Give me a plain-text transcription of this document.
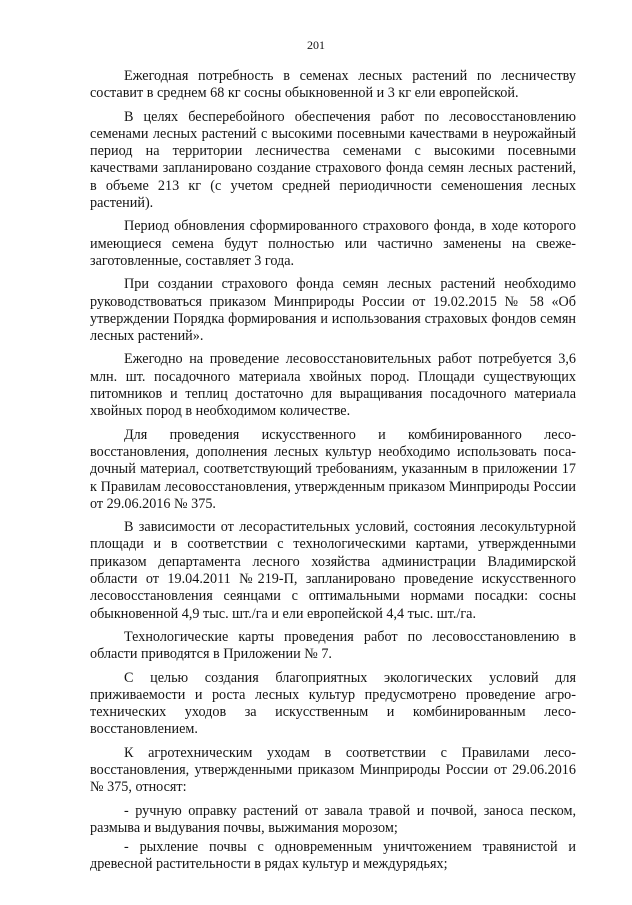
201

Ежегодная потребность в семенах лесных растений по лесничеству составит в среднем 68 кг сосны обыкновенной и 3 кг ели европейской.

В целях бесперебойного обеспечения работ по лесовосстановлению семенами лесных растений с высокими посевными качествами в неурожайный период на территории лесничества семенами с высокими посевными качествами запланировано создание страхового фонда семян лесных растений, в объеме 213 кг (с учетом средней периодичности семеношения лесных растений).

Период обновления сформированного страхового фонда, в ходе которого имеющиеся семена будут полностью или частично заменены на свежезаготовленные, составляет 3 года.

При создании страхового фонда семян лесных растений необходимо руководствоваться приказом Минприроды России от 19.02.2015 № 58 «Об утверждении Порядка формирования и использования страховых фондов семян лесных растений».

Ежегодно на проведение лесовосстановительных работ потребуется 3,6 млн. шт. посадочного материала хвойных пород. Площади существующих питомников и теплиц достаточно для выращивания посадочного материала хвойных пород в необходимом количестве.

Для проведения искусственного и комбинированного лесовосстановления, дополнения лесных культур необходимо использовать посадочный материал, соответствующий требованиям, указанным в приложении 17 к Правилам лесовосстановления, утвержденным приказом Минприроды России от 29.06.2016 № 375.

В зависимости от лесорастительных условий, состояния лесокультурной площади и в соответствии с технологическими картами, утвержденными приказом департамента лесного хозяйства администрации Владимирской области от 19.04.2011 №219-П, запланировано проведение искусственного лесовосстановления сеянцами с оптимальными нормами посадки: сосны обыкновенной 4,9 тыс. шт./га и ели европейской 4,4 тыс. шт./га.

Технологические карты проведения работ по лесовосстановлению в области приводятся в Приложении № 7.

С целью создания благоприятных экологических условий для приживаемости и роста лесных культур предусмотрено проведение агротехнических уходов за искусственным и комбинированным лесовосстановлением.

К агротехническим уходам в соответствии с Правилами лесовосстановления, утвержденными приказом Минприроды России от 29.06.2016 № 375, относят:

- ручную оправку растений от завала травой и почвой, заноса песком, размыва и выдувания почвы, выжимания морозом;

- рыхление почвы с одновременным уничтожением травянистой и древесной растительности в рядах культур и междурядьях;
